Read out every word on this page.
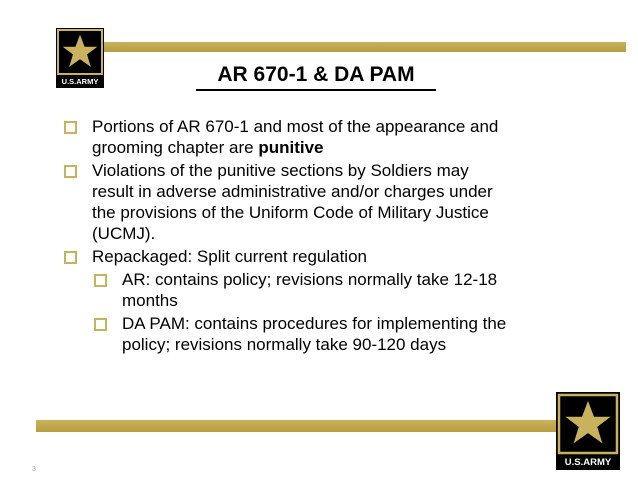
U.S.ARMY	AR 670-1 & DA PAM
Portions of AR 670-1 and most of the appearance and
grooming chapter are punitive
Violations of the punitive sections by Soldiers may
result in adverse administrative and/or charges under
the provisions of the Uniform Code of Military Justice
(UCMJ).
Repackaged: Split current regulation
AR: contains policy; revisions normally take 12-18
months
DA PAM: contains procedures for implementing the
policy; revisions normally take 90-120 days
U.S.ARMY
3
